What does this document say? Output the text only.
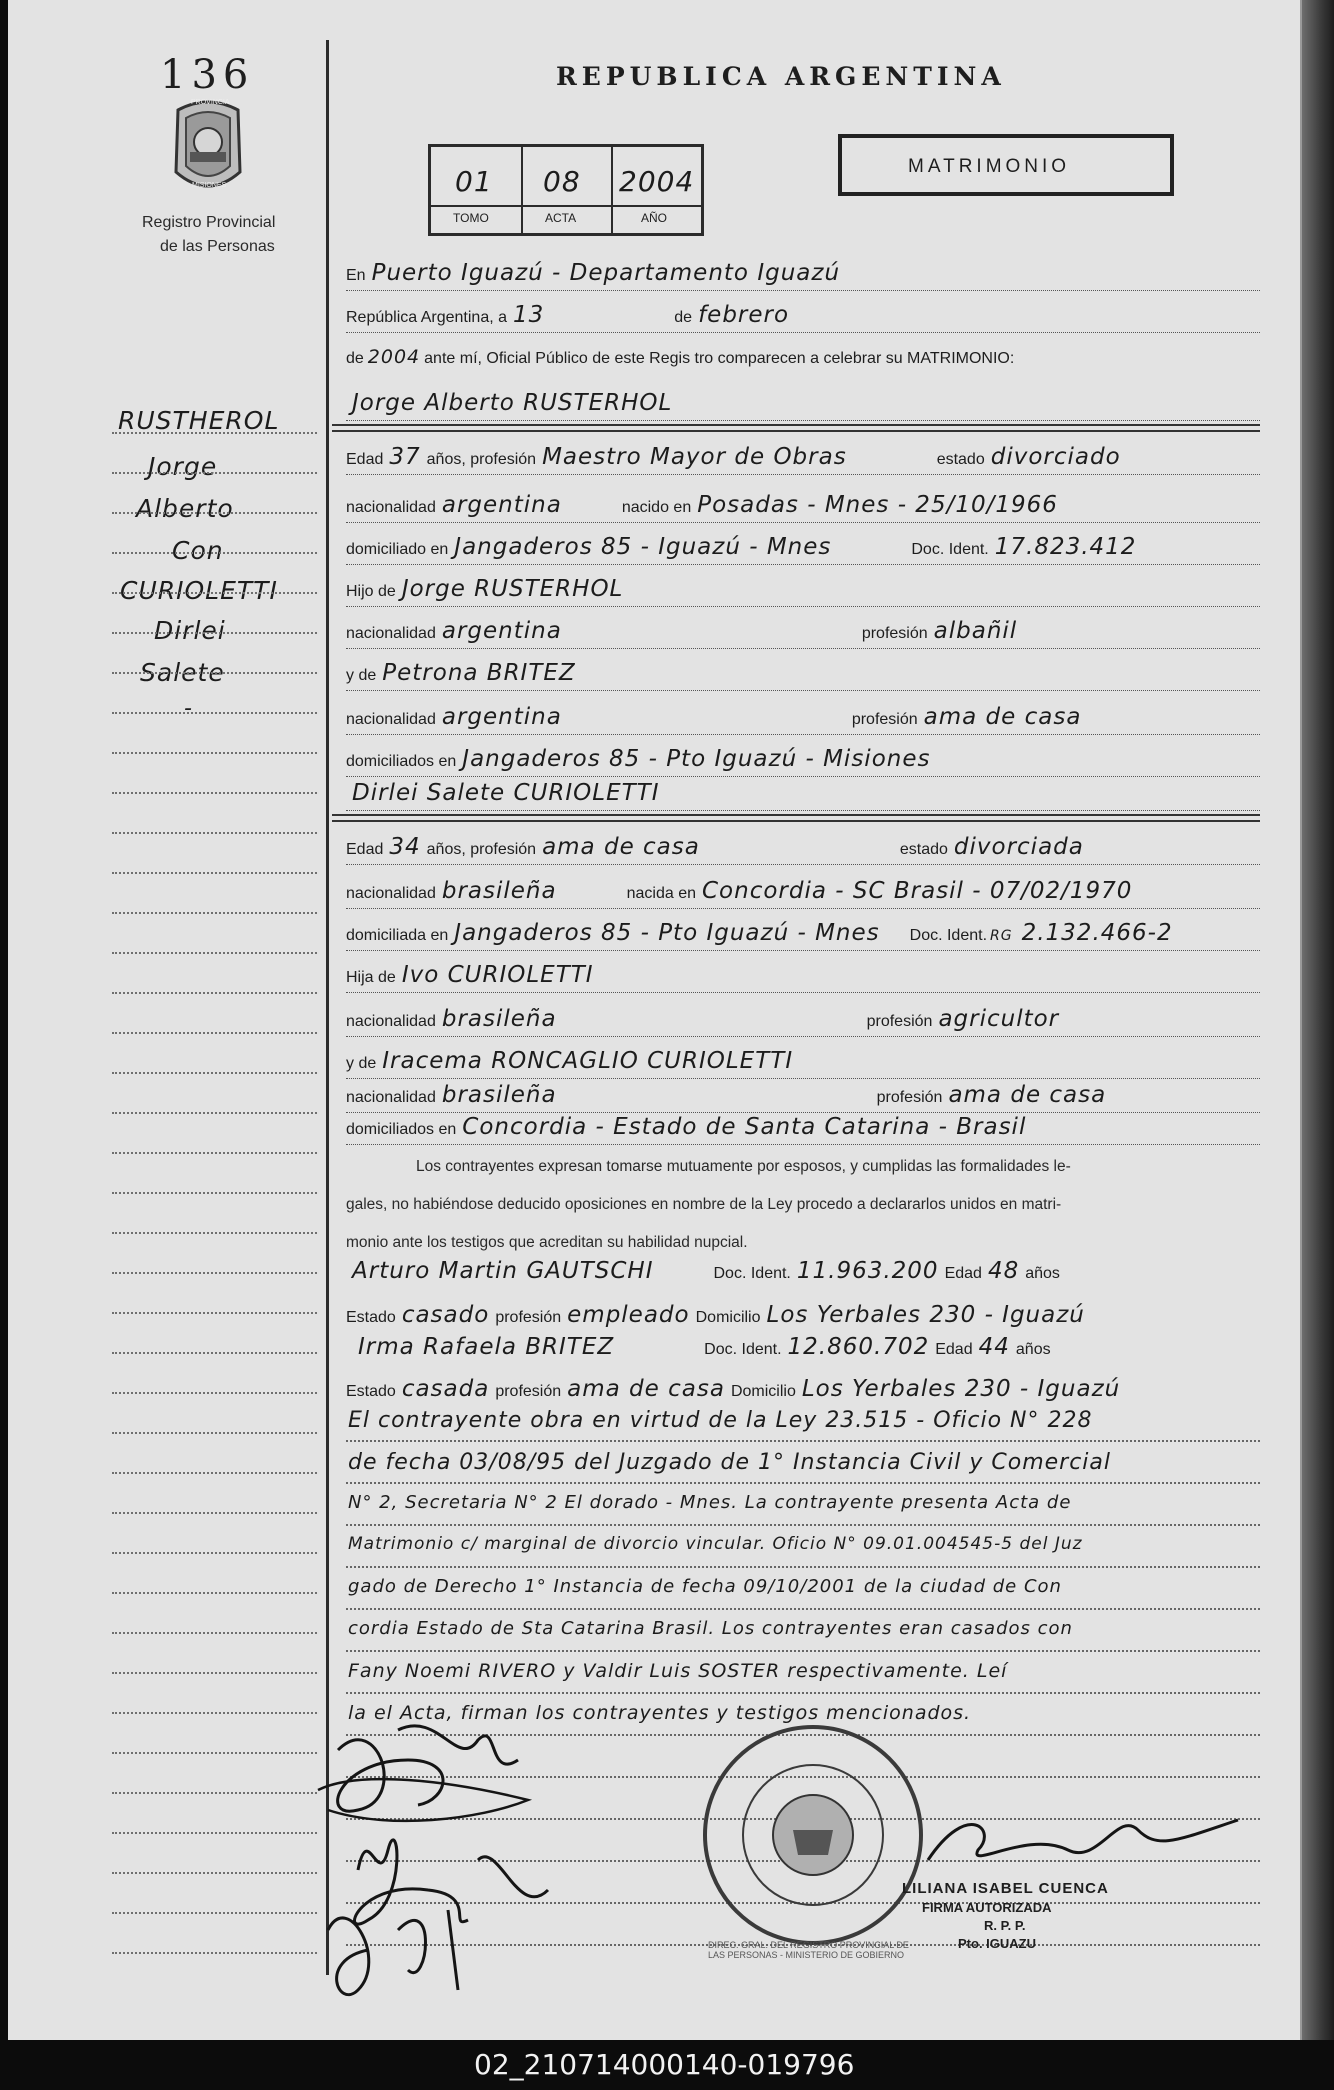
136
PROVINCIA
MISIONES
Registro Provincial
de las Personas
REPUBLICA ARGENTINA
01
TOMO
08
ACTA
2004
AÑO
MATRIMONIO
RUSTHEROL
Jorge
Alberto
Con
CURIOLETTI
Dirlei
Salete
-
En Puerto Iguazú - Departamento Iguazú
República Argentina, a 13	de febrero
de 2004 ante mí, Oficial Público de este Regis tro comparecen a celebrar su MATRIMONIO:
Jorge Alberto RUSTERHOL
Edad 37 años, profesión Maestro Mayor de Obras	estado divorciado
nacionalidad argentina	nacido en Posadas - Mnes - 25/10/1966
domiciliado en Jangaderos 85 - Iguazú - Mnes	Doc. Ident. 17.823.412
Hijo de Jorge RUSTERHOL
nacionalidad argentina	profesión albañil
y de Petrona BRITEZ
nacionalidad argentina	profesión ama de casa
domiciliados en Jangaderos 85 - Pto Iguazú - Misiones
Dirlei Salete CURIOLETTI
Edad 34 años, profesión ama de casa	estado divorciada
nacionalidad brasileña	nacida en Concordia - SC Brasil - 07/02/1970
domiciliada en Jangaderos 85 - Pto Iguazú - Mnes Doc. Ident. RG 2.132.466-2
Hija de Ivo CURIOLETTI
nacionalidad brasileña	profesión agricultor
y de Iracema RONCAGLIO CURIOLETTI
nacionalidad brasileña	profesión ama de casa
domiciliados en Concordia - Estado de Santa Catarina - Brasil
Los contrayentes expresan tomarse mutuamente por esposos, y cumplidas las formalidades le-
gales, no habiéndose deducido oposiciones en nombre de la Ley procedo a declararlos unidos en matri-
monio ante los testigos que acreditan su habilidad nupcial.
Arturo Martin GAUTSCHI	Doc. Ident. 11.963.200 Edad 48 años
Estado casado profesión empleado Domicilio Los Yerbales 230 - Iguazú
Irma Rafaela BRITEZ	Doc. Ident. 12.860.702 Edad 44 años
Estado casada profesión ama de casa Domicilio Los Yerbales 230 - Iguazú
El contrayente obra en virtud de la Ley 23.515 - Oficio N° 228
de fecha 03/08/95 del Juzgado de 1° Instancia Civil y Comercial
N° 2, Secretaria N° 2 El dorado - Mnes. La contrayente presenta Acta de
Matrimonio c/ marginal de divorcio vincular. Oficio N° 09.01.004545-5 del Juz
gado de Derecho 1° Instancia de fecha 09/10/2001 de la ciudad de Con
cordia Estado de Sta Catarina Brasil. Los contrayentes eran casados con
Fany Noemi RIVERO y Valdir Luis SOSTER respectivamente. Leí
la el Acta, firman los contrayentes y testigos mencionados.
DIREC. GRAL. DEL REGISTRO PROVINCIAL DE LAS PERSONAS - MINISTERIO DE GOBIERNO
LILIANA ISABEL CUENCA
FIRMA AUTORIZADA
R. P. P.
Pto. IGUAZU
02_210714000140-019796
